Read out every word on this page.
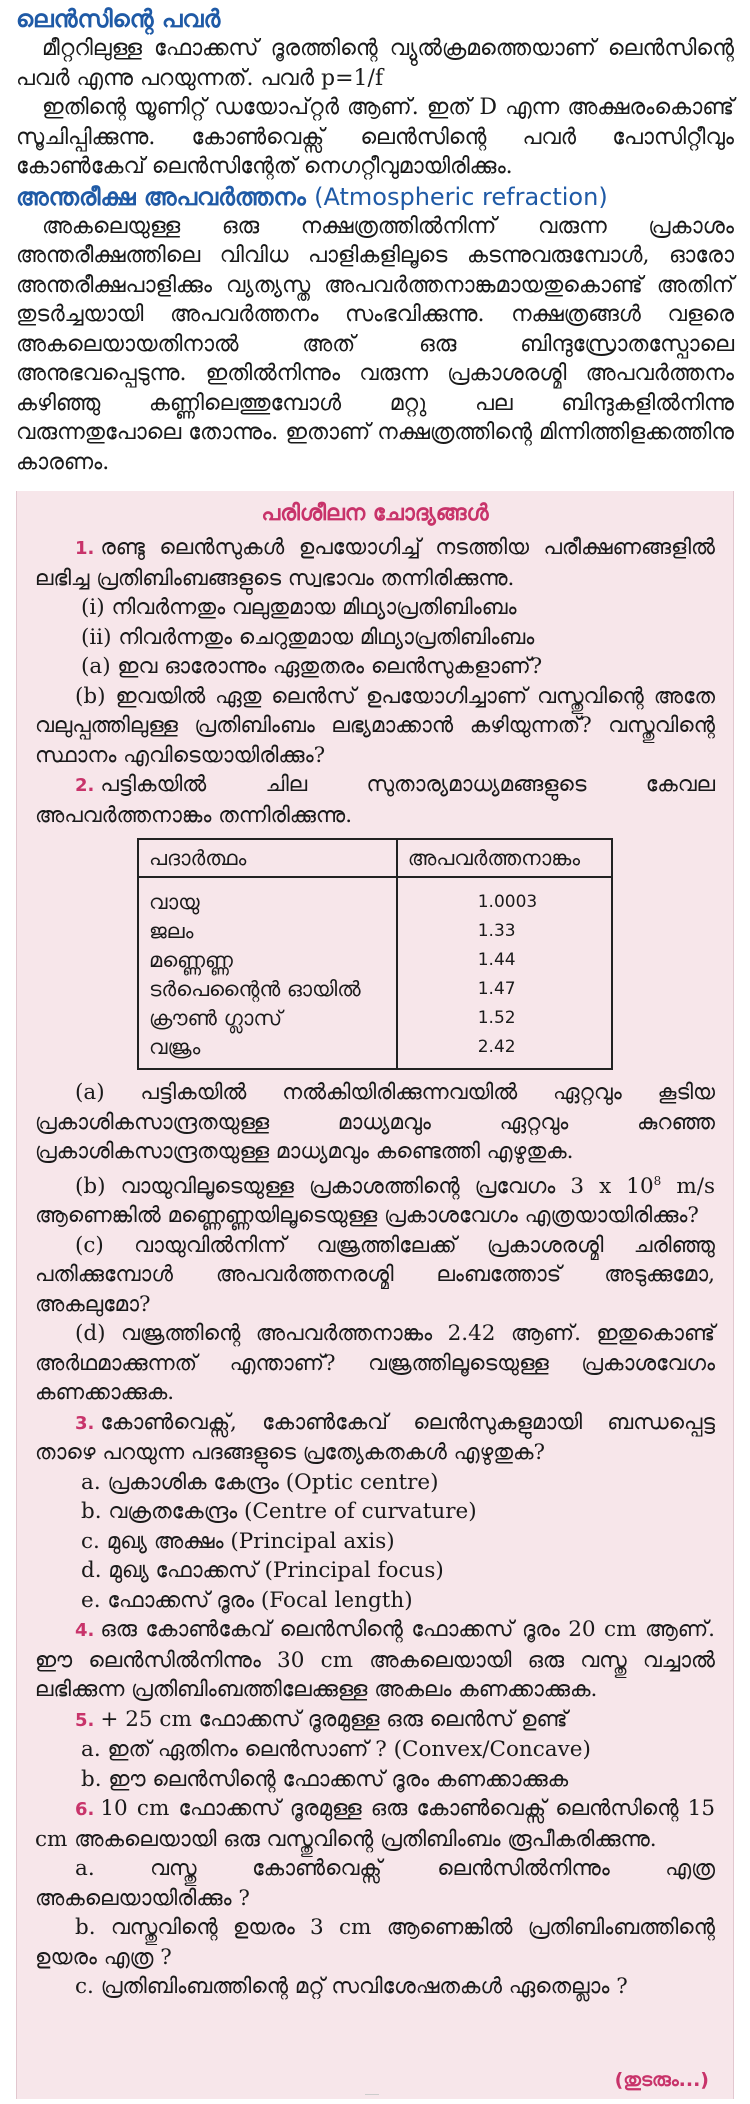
ലെൻസിന്റെ പവർ

മീറ്ററിലുള്ള ഫോക്കസ് ദൂരത്തിന്റെ വ്യുൽക്രമത്തെയാണ് ലെൻസിന്റെ പവർ എന്നു പറയുന്നത്. പവർ p=1/f

ഇതിന്റെ യൂണിറ്റ് ഡയോപ്റ്റർ ആണ്. ഇത് D എന്ന അക്ഷരംകൊണ്ട് സൂചിപ്പിക്കുന്നു. കോൺവെക്സ് ലെൻസിന്റെ പവർ പോസിറ്റീവും കോൺകേവ് ലെൻസിന്റേത് നെഗറ്റീവുമായിരിക്കും.

അന്തരീക്ഷ അപവർത്തനം (Atmospheric refraction)

അകലെയുള്ള ഒരു നക്ഷത്രത്തിൽനിന്ന് വരുന്ന പ്രകാശം അന്തരീക്ഷത്തിലെ വിവിധ പാളികളിലൂടെ കടന്നുവരുമ്പോൾ, ഓരോ അന്തരീക്ഷപാളിക്കും വ്യത്യസ്ത അപവർത്തനാങ്കമായതുകൊണ്ട് അതിന് തുടർച്ചയായി അപവർത്തനം സംഭവിക്കുന്നു. നക്ഷത്രങ്ങൾ വളരെ അകലെയായതിനാൽ അത് ഒരു ബിന്ദുസ്രോതസ്പോലെ അനുഭവപ്പെടുന്നു. ഇതിൽനിന്നും വരുന്ന പ്രകാശരശ്മി അപവർത്തനം കഴിഞ്ഞു കണ്ണിലെത്തുമ്പോൾ മറ്റു പല ബിന്ദുകളിൽനിന്നു വരുന്നതുപോലെ തോന്നും. ഇതാണ് നക്ഷത്രത്തിന്റെ മിന്നിത്തിളക്കത്തിനു കാരണം.

പരിശീലന ചോദ്യങ്ങൾ

1. രണ്ടു ലെൻസുകൾ ഉപയോഗിച്ച് നടത്തിയ പരീക്ഷണങ്ങളിൽ ലഭിച്ച പ്രതിബിംബങ്ങളുടെ സ്വഭാവം തന്നിരിക്കുന്നു.

(i) നിവർന്നതും വലുതുമായ മിഥ്യാപ്രതിബിംബം

(ii) നിവർന്നതും ചെറുതുമായ മിഥ്യാപ്രതിബിംബം

(a) ഇവ ഓരോന്നും ഏതുതരം ലെൻസുകളാണ്?

(b) ഇവയിൽ ഏതു ലെൻസ് ഉപയോഗിച്ചാണ് വസ്തുവിന്റെ അതേ വലുപ്പത്തിലുള്ള പ്രതിബിംബം ലഭ്യമാക്കാൻ കഴിയുന്നത്? വസ്തുവിന്റെ സ്ഥാനം എവിടെയായിരിക്കും?

2. പട്ടികയിൽ ചില സുതാര്യമാധ്യമങ്ങളുടെ കേവല അപവർത്തനാങ്കം തന്നിരിക്കുന്നു.

പദാർത്ഥം	അപവർത്തനാങ്കം
വായു	1.0003
ജലം	1.33
മണ്ണെണ്ണ	1.44
ടർപെന്റൈൻ ഓയിൽ	1.47
ക്രൗൺ ഗ്ലാസ്	1.52
വജ്രം	2.42

(a) പട്ടികയിൽ നൽകിയിരിക്കുന്നവയിൽ ഏറ്റവും കൂടിയ പ്രകാശികസാന്ദ്രതയുള്ള മാധ്യമവും ഏറ്റവും കുറഞ്ഞ പ്രകാശികസാന്ദ്രതയുള്ള മാധ്യമവും കണ്ടെത്തി എഴുതുക.

(b) വായുവിലൂടെയുള്ള പ്രകാശത്തിന്റെ പ്രവേഗം 3 x $10^8$ m/s ആണെങ്കിൽ മണ്ണെണ്ണയിലൂടെയുള്ള പ്രകാശവേഗം എത്രയായിരിക്കും?

(c) വായുവിൽനിന്ന് വജ്രത്തിലേക്ക് പ്രകാശരശ്മി ചരിഞ്ഞു പതിക്കുമ്പോൾ അപവർത്തനരശ്മി ലംബത്തോട് അടുക്കുമോ, അകലുമോ?

(d) വജ്രത്തിന്റെ അപവർത്തനാങ്കം 2.42 ആണ്. ഇതുകൊണ്ട് അർഥമാക്കുന്നത് എന്താണ്? വജ്രത്തിലൂടെയുള്ള പ്രകാശവേഗം കണക്കാക്കുക.

3. കോൺവെക്സ്, കോൺകേവ് ലെൻസുകളുമായി ബന്ധപ്പെട്ട താഴെ പറയുന്ന പദങ്ങളുടെ പ്രത്യേകതകൾ എഴുതുക?

a. പ്രകാശിക കേന്ദ്രം (Optic centre)

b. വക്രതകേന്ദ്രം (Centre of curvature)

c. മുഖ്യ അക്ഷം (Principal axis)

d. മുഖ്യ ഫോക്കസ് (Principal focus)

e. ഫോക്കസ് ദൂരം (Focal length)

4. ഒരു കോൺകേവ് ലെൻസിന്റെ ഫോക്കസ് ദൂരം 20 cm ആണ്. ഈ ലെൻസിൽനിന്നും 30 cm അകലെയായി ഒരു വസ്തു വച്ചാൽ ലഭിക്കുന്ന പ്രതിബിംബത്തിലേക്കുള്ള അകലം കണക്കാക്കുക.

5. + 25 cm ഫോക്കസ് ദൂരമുള്ള ഒരു ലെൻസ് ഉണ്ട്

a. ഇത് ഏതിനം ലെൻസാണ് ? (Convex/Concave)

b. ഈ ലെൻസിന്റെ ഫോക്കസ് ദൂരം കണക്കാക്കുക

6. 10 cm ഫോക്കസ് ദൂരമുള്ള ഒരു കോൺവെക്സ് ലെൻസിന്റെ 15 cm അകലെയായി ഒരു വസ്തുവിന്റെ പ്രതിബിംബം രൂപീകരിക്കുന്നു.

a. വസ്തു കോൺവെക്സ് ലെൻസിൽനിന്നും എത്ര അകലെയായിരിക്കും ?

b. വസ്തുവിന്റെ ഉയരം 3 cm ആണെങ്കിൽ പ്രതിബിംബത്തിന്റെ ഉയരം എത്ര ?

c. പ്രതിബിംബത്തിന്റെ മറ്റ് സവിശേഷതകൾ ഏതെല്ലാം ?

(തുടരും...)
